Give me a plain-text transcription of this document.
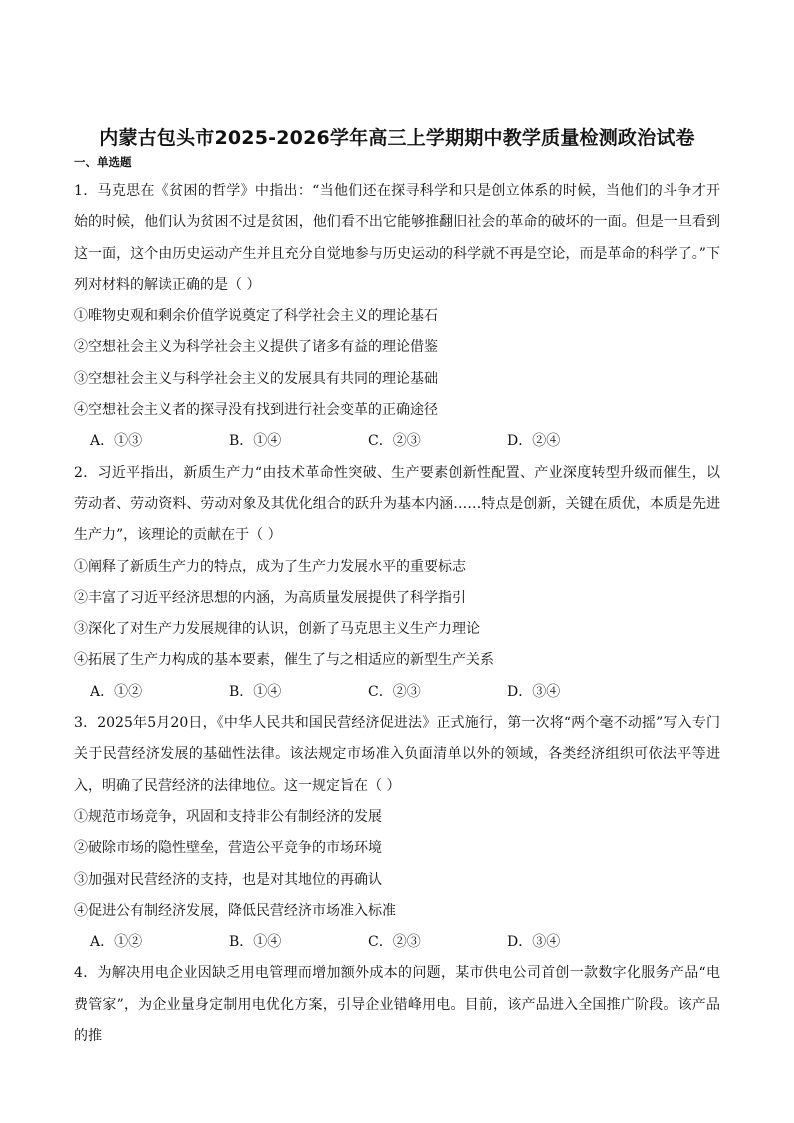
内蒙古包头市2025-2026学年高三上学期期中教学质量检测政治试卷
一、单选题

1．马克思在《贫困的哲学》中指出：“当他们还在探寻科学和只是创立体系的时候，当他们的斗争才开始的时候，他们认为贫困不过是贫困，他们看不出它能够推翻旧社会的革命的破坏的一面。但是一旦看到这一面，这个由历史运动产生并且充分自觉地参与历史运动的科学就不再是空论，而是革命的科学了。”下列对材料的解读正确的是（ ）

①唯物史观和剩余价值学说奠定了科学社会主义的理论基石

②空想社会主义为科学社会主义提供了诸多有益的理论借鉴

③空想社会主义与科学社会主义的发展具有共同的理论基础

④空想社会主义者的探寻没有找到进行社会变革的正确途径

A．①③	B．①④	C．②③	D．②④

2．习近平指出，新质生产力“由技术革命性突破、生产要素创新性配置、产业深度转型升级而催生，以劳动者、劳动资料、劳动对象及其优化组合的跃升为基本内涵……特点是创新，关键在质优，本质是先进生产力”，该理论的贡献在于（ ）

①阐释了新质生产力的特点，成为了生产力发展水平的重要标志

②丰富了习近平经济思想的内涵，为高质量发展提供了科学指引

③深化了对生产力发展规律的认识，创新了马克思主义生产力理论

④拓展了生产力构成的基本要素，催生了与之相适应的新型生产关系

A．①②	B．①④	C．②③	D．③④

3．2025年5月20日，《中华人民共和国民营经济促进法》正式施行，第一次将“两个毫不动摇”写入专门关于民营经济发展的基础性法律。该法规定市场准入负面清单以外的领域，各类经济组织可依法平等进入，明确了民营经济的法律地位。这一规定旨在（ ）

①规范市场竞争，巩固和支持非公有制经济的发展

②破除市场的隐性壁垒，营造公平竞争的市场环境

③加强对民营经济的支持，也是对其地位的再确认

④促进公有制经济发展，降低民营经济市场准入标准

A．①②	B．①④	C．②③	D．③④

4．为解决用电企业因缺乏用电管理而增加额外成本的问题，某市供电公司首创一款数字化服务产品“电费管家”，为企业量身定制用电优化方案，引导企业错峰用电。目前，该产品进入全国推广阶段。该产品的推
